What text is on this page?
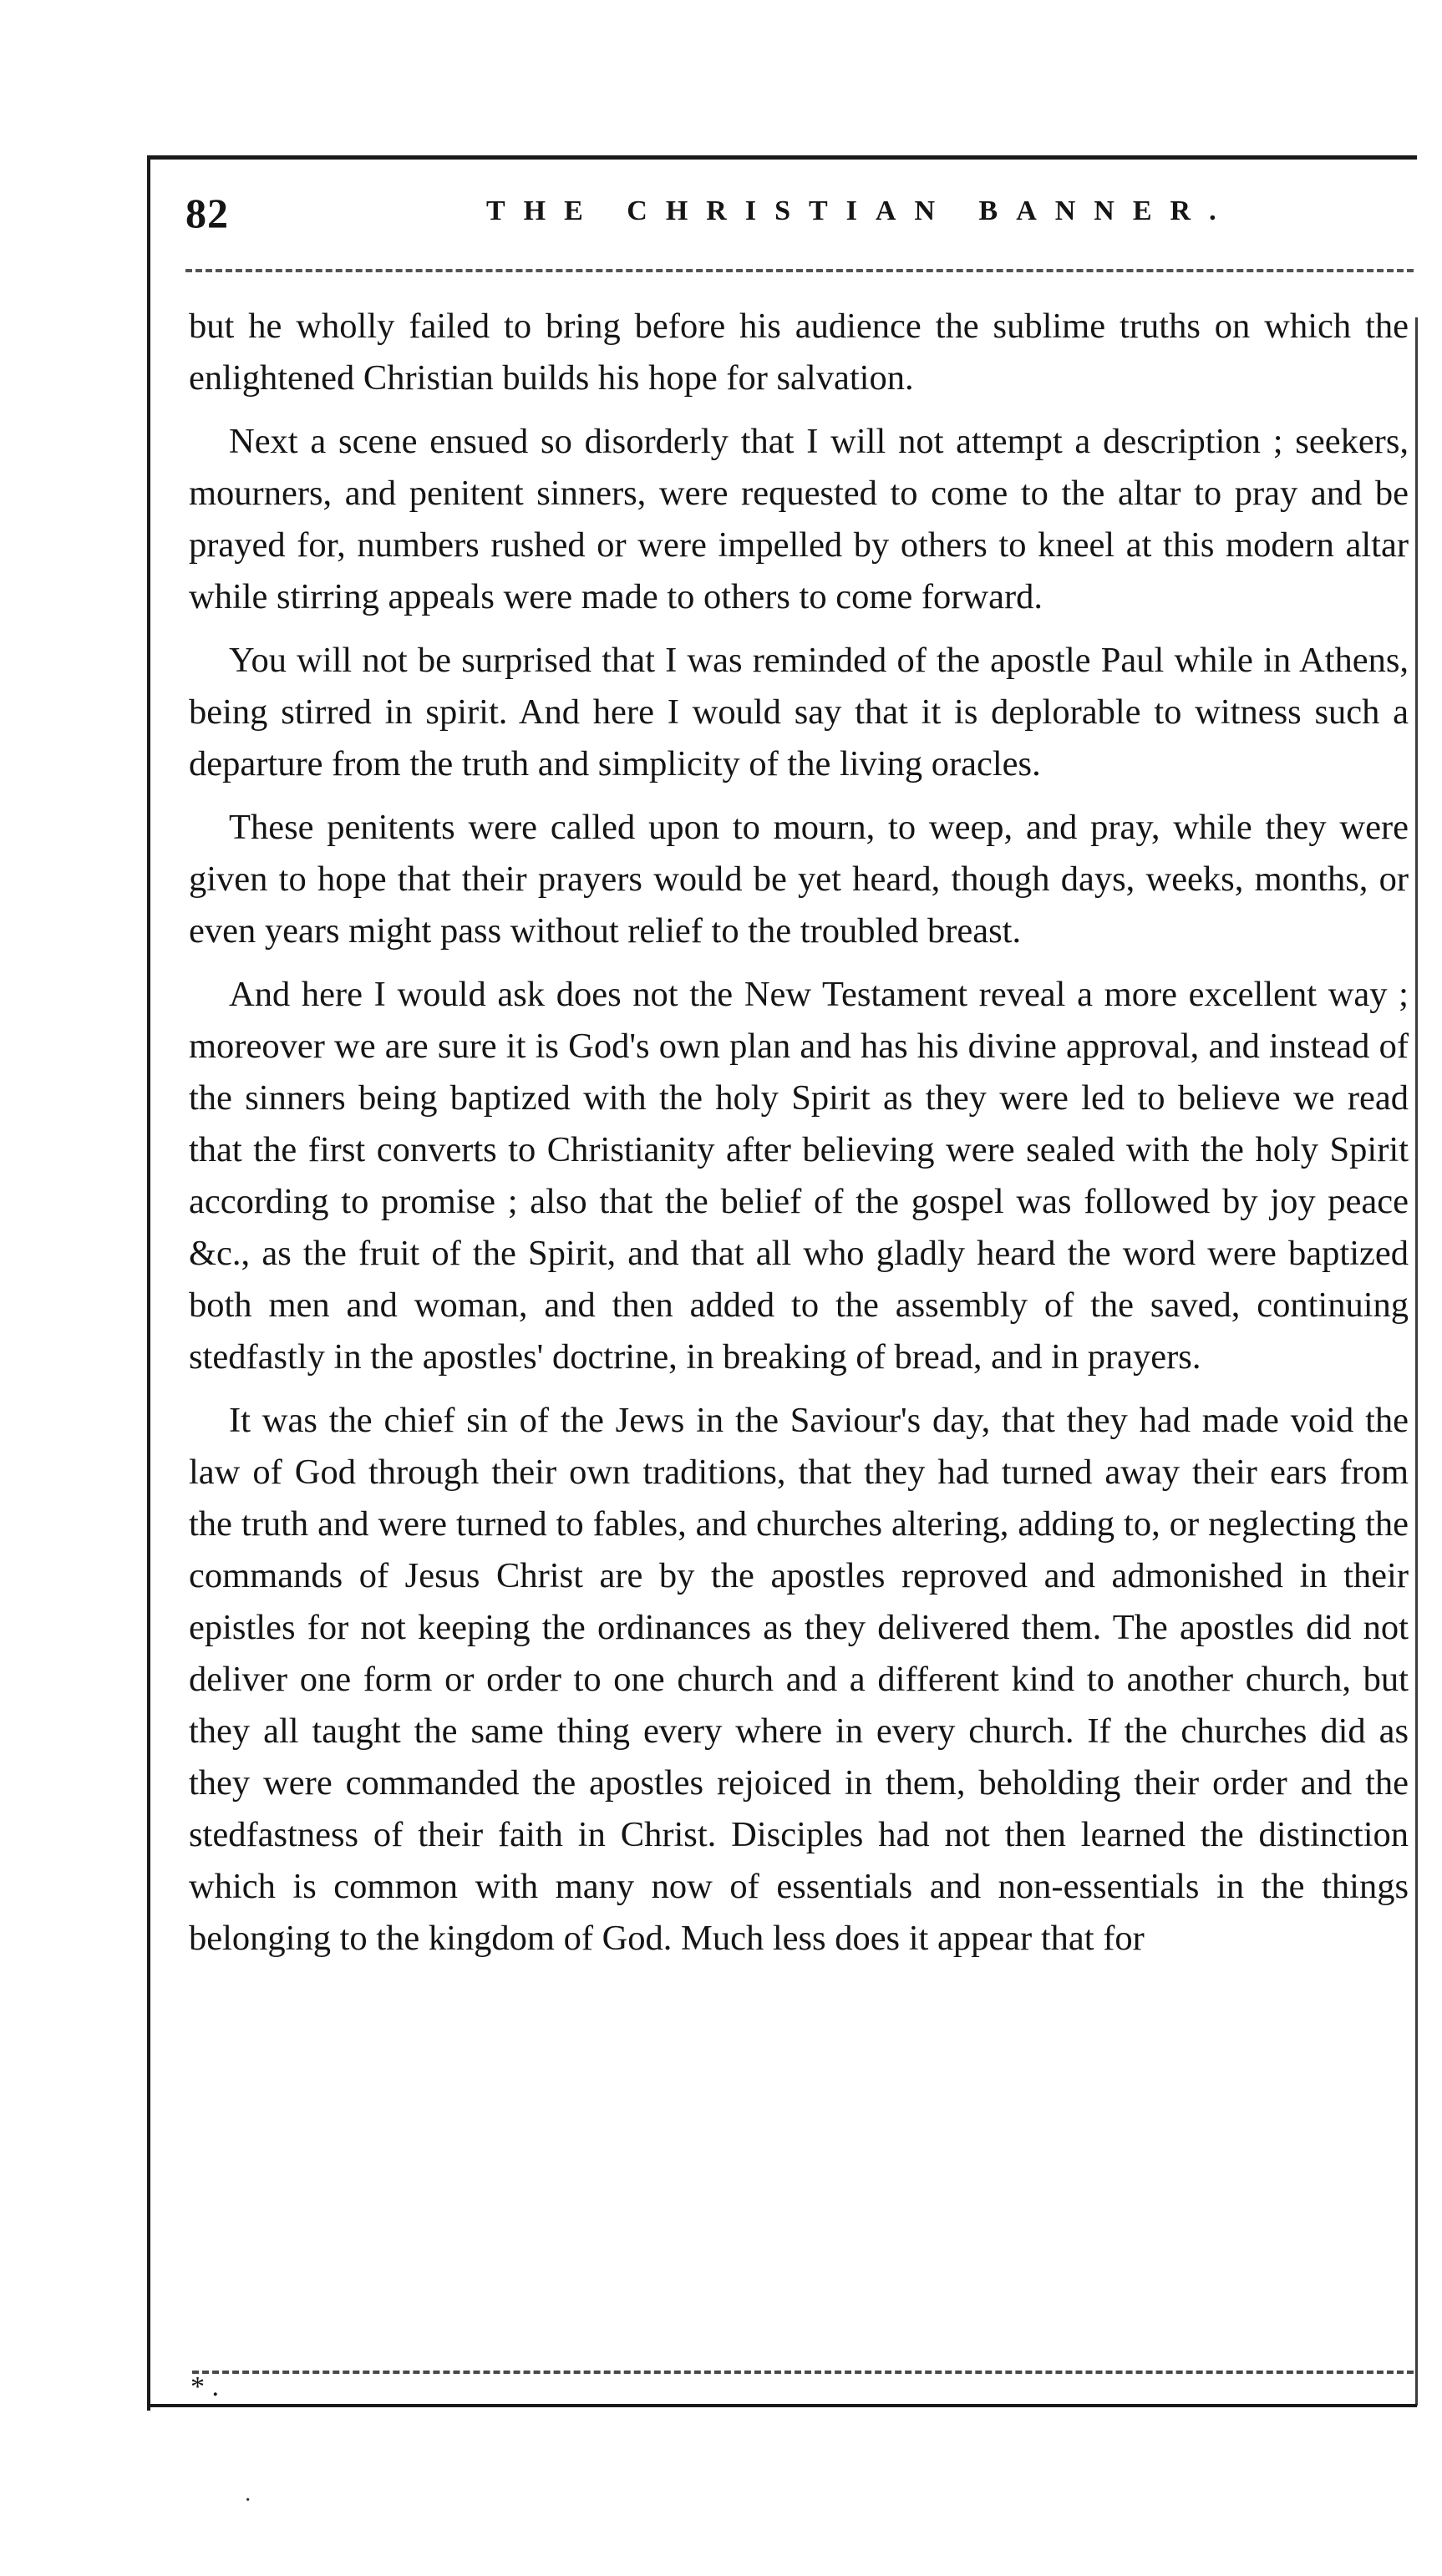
82	THE CHRISTIAN BANNER.

but he wholly failed to bring before his audience the sublime truths on which the enlightened Christian builds his hope for salvation.

Next a scene ensued so disorderly that I will not attempt a description ; seekers, mourners, and penitent sinners, were requested to come to the altar to pray and be prayed for, numbers rushed or were impelled by others to kneel at this modern altar while stirring appeals were made to others to come forward.

You will not be surprised that I was reminded of the apostle Paul while in Athens, being stirred in spirit. And here I would say that it is deplorable to witness such a departure from the truth and simplicity of the living oracles.

These penitents were called upon to mourn, to weep, and pray, while they were given to hope that their prayers would be yet heard, though days, weeks, months, or even years might pass without relief to the troubled breast.

And here I would ask does not the New Testament reveal a more excellent way ; moreover we are sure it is God's own plan and has his divine approval, and instead of the sinners being baptized with the holy Spirit as they were led to believe we read that the first converts to Christianity after believing were sealed with the holy Spirit according to promise ; also that the belief of the gospel was followed by joy peace &c., as the fruit of the Spirit, and that all who gladly heard the word were baptized both men and woman, and then added to the assembly of the saved, continuing stedfastly in the apostles' doctrine, in breaking of bread, and in prayers.

It was the chief sin of the Jews in the Saviour's day, that they had made void the law of God through their own traditions, that they had turned away their ears from the truth and were turned to fables, and churches altering, adding to, or neglecting the commands of Jesus Christ are by the apostles reproved and admonished in their epistles for not keeping the ordinances as they delivered them. The apostles did not deliver one form or order to one church and a different kind to another church, but they all taught the same thing every where in every church. If the churches did as they were commanded the apostles rejoiced in them, beholding their order and the stedfastness of their faith in Christ. Disciples had not then learned the distinction which is common with many now of essentials and non-essentials in the things belonging to the kingdom of God. Much less does it appear that for

* .
·
